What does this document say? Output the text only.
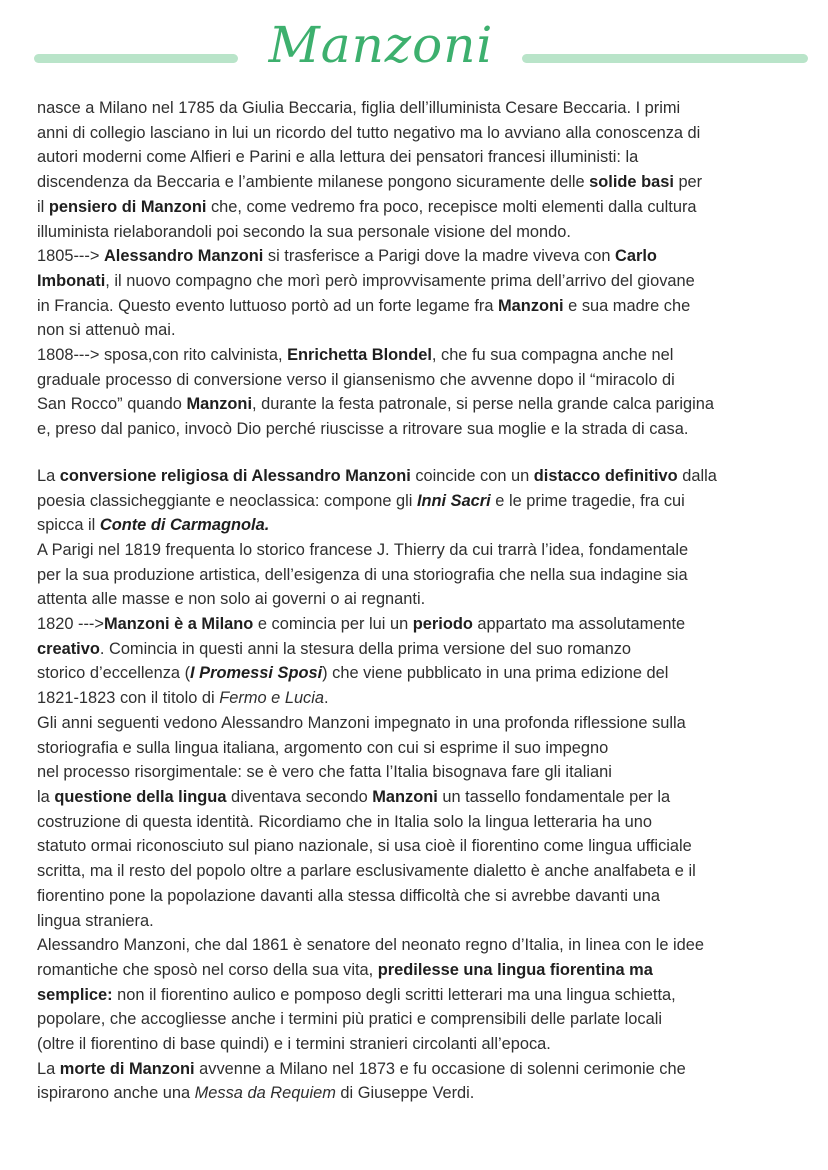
Manzoni
nasce a Milano nel 1785 da Giulia Beccaria, figlia dell’illuminista Cesare Beccaria. I primi
anni di collegio lasciano in lui un ricordo del tutto negativo ma lo avviano alla conoscenza di
autori moderni come Alfieri e Parini e alla lettura dei pensatori francesi illuministi: la
discendenza da Beccaria e l’ambiente milanese pongono sicuramente delle solide basi per
il pensiero di Manzoni che, come vedremo fra poco, recepisce molti elementi dalla cultura
illuminista rielaborandoli poi secondo la sua personale visione del mondo.
1805---> Alessandro Manzoni si trasferisce a Parigi dove la madre viveva con Carlo
Imbonati, il nuovo compagno che morì però improvvisamente prima dell’arrivo del giovane
in Francia. Questo evento luttuoso portò ad un forte legame fra Manzoni e sua madre che
non si attenuò mai.
1808---> sposa,con rito calvinista, Enrichetta Blondel, che fu sua compagna anche nel
graduale processo di conversione verso il giansenismo che avvenne dopo il “miracolo di
San Rocco” quando Manzoni, durante la festa patronale, si perse nella grande calca parigina
e, preso dal panico, invocò Dio perché riuscisse a ritrovare sua moglie e la strada di casa.
La conversione religiosa di Alessandro Manzoni coincide con un distacco definitivo dalla
poesia classicheggiante e neoclassica: compone gli Inni Sacri e le prime tragedie, fra cui
spicca il Conte di Carmagnola.
A Parigi nel 1819 frequenta lo storico francese J. Thierry da cui trarrà l’idea, fondamentale
per la sua produzione artistica, dell’esigenza di una storiografia che nella sua indagine sia
attenta alle masse e non solo ai governi o ai regnanti.
1820 --->Manzoni è a Milano e comincia per lui un periodo appartato ma assolutamente
creativo. Comincia in questi anni la stesura della prima versione del suo romanzo
storico d’eccellenza (I Promessi Sposi) che viene pubblicato in una prima edizione del
1821-1823 con il titolo di Fermo e Lucia.
Gli anni seguenti vedono Alessandro Manzoni impegnato in una profonda riflessione sulla
storiografia e sulla lingua italiana, argomento con cui si esprime il suo impegno
nel processo risorgimentale: se è vero che fatta l’Italia bisognava fare gli italiani
la questione della lingua diventava secondo Manzoni un tassello fondamentale per la
costruzione di questa identità. Ricordiamo che in Italia solo la lingua letteraria ha uno
statuto ormai riconosciuto sul piano nazionale, si usa cioè il fiorentino come lingua ufficiale
scritta, ma il resto del popolo oltre a parlare esclusivamente dialetto è anche analfabeta e il
fiorentino pone la popolazione davanti alla stessa difficoltà che si avrebbe davanti una
lingua straniera.
Alessandro Manzoni, che dal 1861 è senatore del neonato regno d’Italia, in linea con le idee
romantiche che sposò nel corso della sua vita, predilesse una lingua fiorentina ma
semplice: non il fiorentino aulico e pomposo degli scritti letterari ma una lingua schietta,
popolare, che accogliesse anche i termini più pratici e comprensibili delle parlate locali
(oltre il fiorentino di base quindi) e i termini stranieri circolanti all’epoca.
La morte di Manzoni avvenne a Milano nel 1873 e fu occasione di solenni cerimonie che
ispirarono anche una Messa da Requiem di Giuseppe Verdi.
